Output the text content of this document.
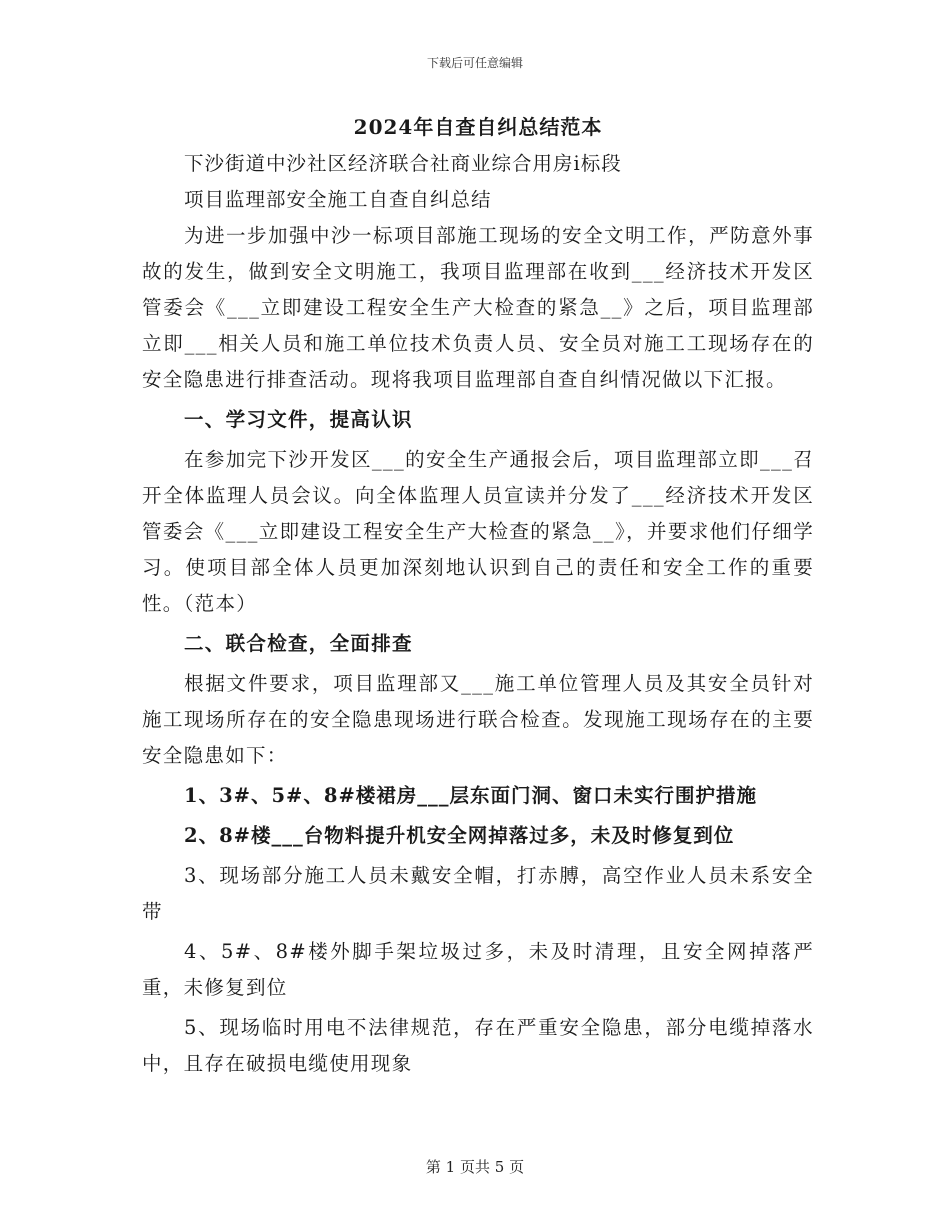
下载后可任意编辑

2024年自查自纠总结范本

下沙街道中沙社区经济联合社商业综合用房i标段

项目监理部安全施工自查自纠总结

为进一步加强中沙一标项目部施工现场的安全文明工作，严防意外事故的发生，做到安全文明施工，我项目监理部在收到___经济技术开发区管委会《___立即建设工程安全生产大检查的紧急__》之后，项目监理部立即___相关人员和施工单位技术负责人员、安全员对施工工现场存在的安全隐患进行排查活动。现将我项目监理部自查自纠情况做以下汇报。

一、学习文件，提高认识

在参加完下沙开发区___的安全生产通报会后，项目监理部立即___召开全体监理人员会议。向全体监理人员宣读并分发了___经济技术开发区管委会《___立即建设工程安全生产大检查的紧急__》，并要求他们仔细学习。使项目部全体人员更加深刻地认识到自己的责任和安全工作的重要性。（范本）

二、联合检查，全面排查

根据文件要求，项目监理部又___施工单位管理人员及其安全员针对施工现场所存在的安全隐患现场进行联合检查。发现施工现场存在的主要安全隐患如下：

1、3#、5#、8#楼裙房___层东面门洞、窗口未实行围护措施

2、8#楼___台物料提升机安全网掉落过多，未及时修复到位

3、现场部分施工人员未戴安全帽，打赤膊，高空作业人员未系安全带

4、5#、8#楼外脚手架垃圾过多，未及时清理，且安全网掉落严重，未修复到位

5、现场临时用电不法律规范，存在严重安全隐患，部分电缆掉落水中，且存在破损电缆使用现象

第 1 页共 5 页
